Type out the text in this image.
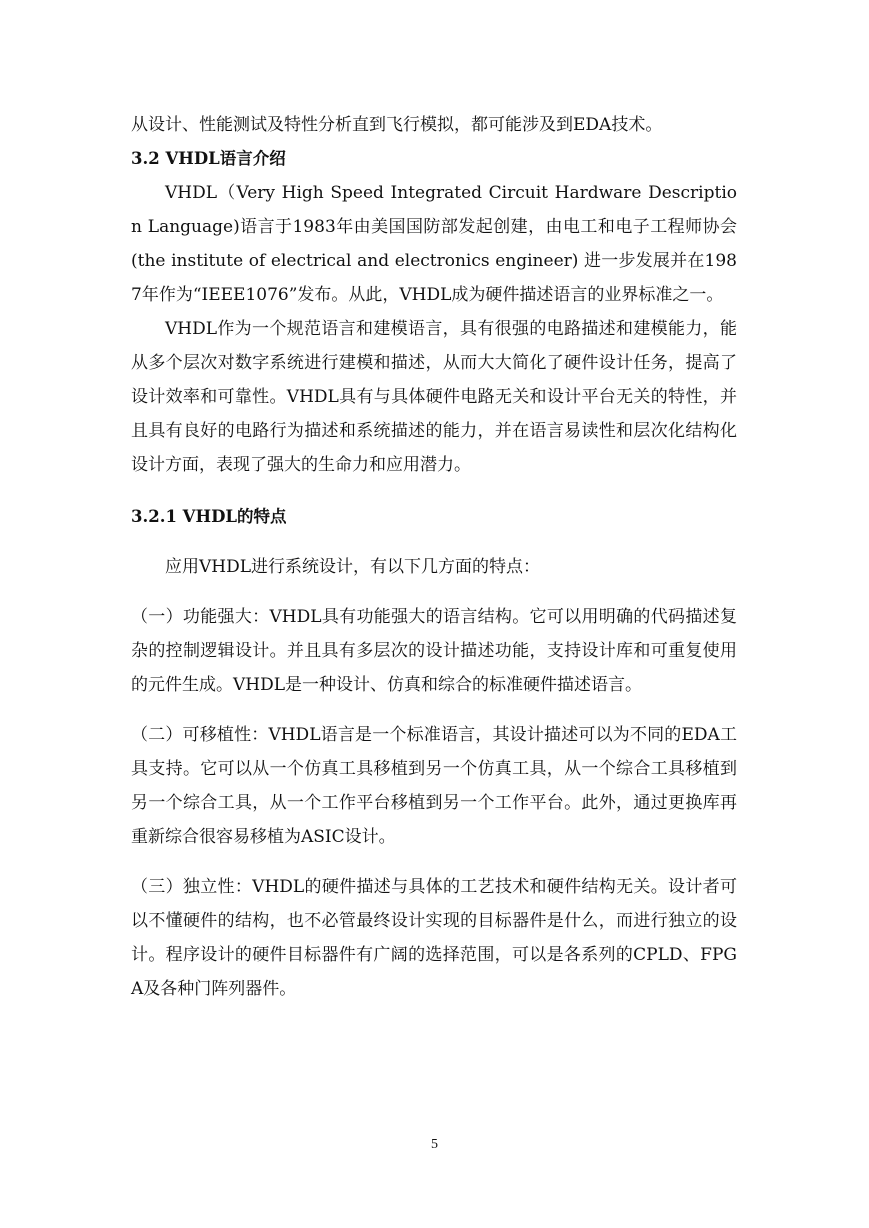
从设计、性能测试及特性分析直到飞行模拟，都可能涉及到EDA技术。

3.2 VHDL语言介绍

VHDL（Very High Speed Integrated Circuit Hardware Description Language)语言于1983年由美国国防部发起创建，由电工和电子工程师协会(the institute of electrical and electronics engineer) 进一步发展并在1987年作为“IEEE1076”发布。从此，VHDL成为硬件描述语言的业界标准之一。

VHDL作为一个规范语言和建模语言，具有很强的电路描述和建模能力，能从多个层次对数字系统进行建模和描述，从而大大简化了硬件设计任务，提高了设计效率和可靠性。VHDL具有与具体硬件电路无关和设计平台无关的特性，并且具有良好的电路行为描述和系统描述的能力，并在语言易读性和层次化结构化设计方面，表现了强大的生命力和应用潜力。

3.2.1 VHDL的特点

应用VHDL进行系统设计，有以下几方面的特点：

（一）功能强大：VHDL具有功能强大的语言结构。它可以用明确的代码描述复杂的控制逻辑设计。并且具有多层次的设计描述功能，支持设计库和可重复使用的元件生成。VHDL是一种设计、仿真和综合的标准硬件描述语言。

（二）可移植性：VHDL语言是一个标准语言，其设计描述可以为不同的EDA工具支持。它可以从一个仿真工具移植到另一个仿真工具，从一个综合工具移植到另一个综合工具，从一个工作平台移植到另一个工作平台。此外，通过更换库再重新综合很容易移植为ASIC设计。

（三）独立性：VHDL的硬件描述与具体的工艺技术和硬件结构无关。设计者可以不懂硬件的结构，也不必管最终设计实现的目标器件是什么，而进行独立的设计。程序设计的硬件目标器件有广阔的选择范围，可以是各系列的CPLD、FPGA及各种门阵列器件。

5
